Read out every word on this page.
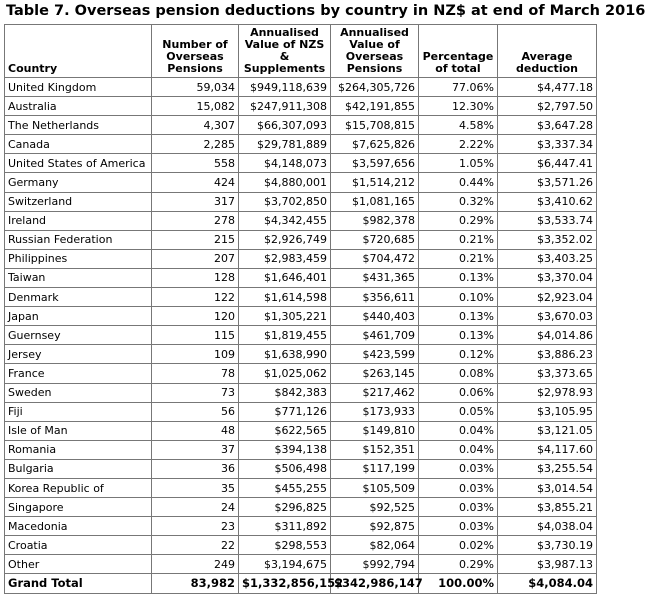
Table 7. Overseas pension deductions by country in NZ$ at end of March 2016
Country	Number of Overseas Pensions	Annualised Value of NZS & Supplements	Annualised Value of Overseas Pensions	Percentage of total	Average deduction
United Kingdom	59,034	$949,118,639	$264,305,726	77.06%	$4,477.18
Australia	15,082	$247,911,308	$42,191,855	12.30%	$2,797.50
The Netherlands	4,307	$66,307,093	$15,708,815	4.58%	$3,647.28
Canada	2,285	$29,781,889	$7,625,826	2.22%	$3,337.34
United States of America	558	$4,148,073	$3,597,656	1.05%	$6,447.41
Germany	424	$4,880,001	$1,514,212	0.44%	$3,571.26
Switzerland	317	$3,702,850	$1,081,165	0.32%	$3,410.62
Ireland	278	$4,342,455	$982,378	0.29%	$3,533.74
Russian Federation	215	$2,926,749	$720,685	0.21%	$3,352.02
Philippines	207	$2,983,459	$704,472	0.21%	$3,403.25
Taiwan	128	$1,646,401	$431,365	0.13%	$3,370.04
Denmark	122	$1,614,598	$356,611	0.10%	$2,923.04
Japan	120	$1,305,221	$440,403	0.13%	$3,670.03
Guernsey	115	$1,819,455	$461,709	0.13%	$4,014.86
Jersey	109	$1,638,990	$423,599	0.12%	$3,886.23
France	78	$1,025,062	$263,145	0.08%	$3,373.65
Sweden	73	$842,383	$217,462	0.06%	$2,978.93
Fiji	56	$771,126	$173,933	0.05%	$3,105.95
Isle of Man	48	$622,565	$149,810	0.04%	$3,121.05
Romania	37	$394,138	$152,351	0.04%	$4,117.60
Bulgaria	36	$506,498	$117,199	0.03%	$3,255.54
Korea Republic of	35	$455,255	$105,509	0.03%	$3,014.54
Singapore	24	$296,825	$92,525	0.03%	$3,855.21
Macedonia	23	$311,892	$92,875	0.03%	$4,038.04
Croatia	22	$298,553	$82,064	0.02%	$3,730.19
Other	249	$3,194,675	$992,794	0.29%	$3,987.13
Grand Total	83,982	$1,332,856,152	$342,986,147	100.00%	$4,084.04
